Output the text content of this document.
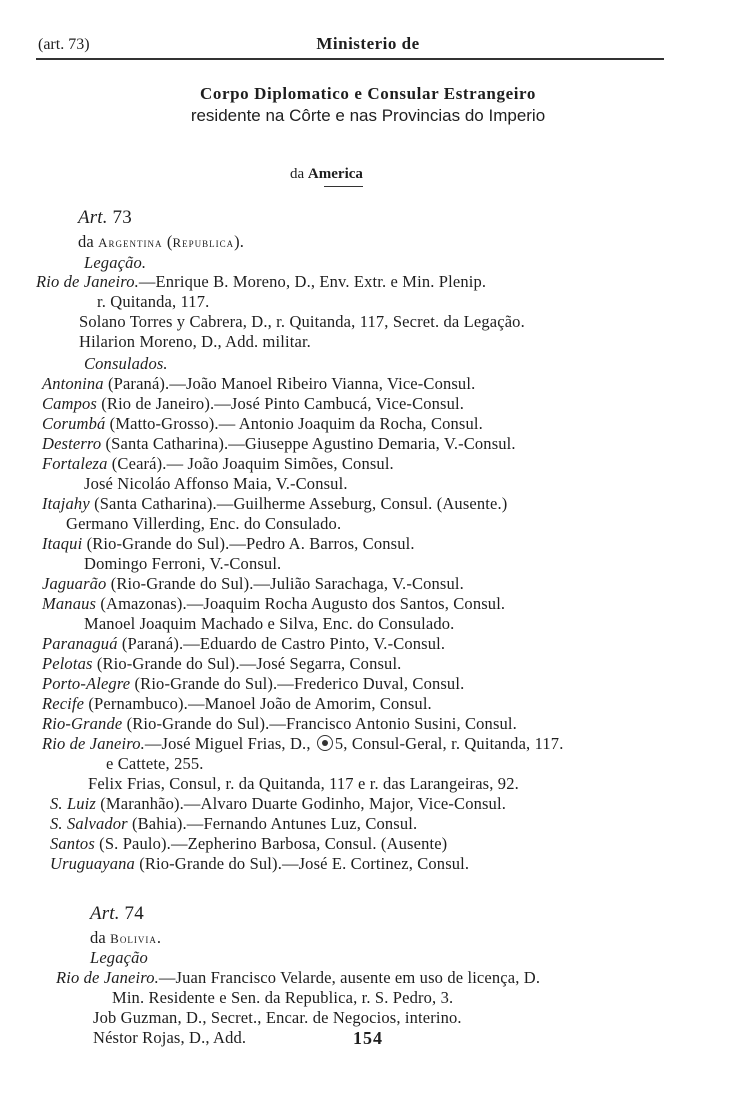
(art. 73)	Ministerio de
Corpo Diplomatico e Consular Estrangeiro
residente na Côrte e nas Provincias do Imperio
da America
Art. 73
da Argentina (Republica).
Legação.
Rio de Janeiro.—Enrique B. Moreno, D., Env. Extr. e Min. Plenip.
r. Quitanda, 117.
Solano Torres y Cabrera, D., r. Quitanda, 117, Secret. da Legação.
Hilarion Moreno, D., Add. militar.
Consulados.
Antonina (Paraná).—João Manoel Ribeiro Vianna, Vice-Consul.
Campos (Rio de Janeiro).—José Pinto Cambucá, Vice-Consul.
Corumbá (Matto-Grosso).— Antonio Joaquim da Rocha, Consul.
Desterro (Santa Catharina).—Giuseppe Agustino Demaria, V.-Consul.
Fortaleza (Ceará).— João Joaquim Simões, Consul.
José Nicoláo Affonso Maia, V.-Consul.
Itajahy (Santa Catharina).—Guilherme Asseburg, Consul. (Ausente.)
Germano Villerding, Enc. do Consulado.
Itaqui (Rio-Grande do Sul).—Pedro A. Barros, Consul.
Domingo Ferroni, V.-Consul.
Jaguarão (Rio-Grande do Sul).—Julião Sarachaga, V.-Consul.
Manaus (Amazonas).—Joaquim Rocha Augusto dos Santos, Consul.
Manoel Joaquim Machado e Silva, Enc. do Consulado.
Paranaguá (Paraná).—Eduardo de Castro Pinto, V.-Consul.
Pelotas (Rio-Grande do Sul).—José Segarra, Consul.
Porto-Alegre (Rio-Grande do Sul).—Frederico Duval, Consul.
Recife (Pernambuco).—Manoel João de Amorim, Consul.
Rio-Grande (Rio-Grande do Sul).—Francisco Antonio Susini, Consul.
Rio de Janeiro.—José Miguel Frias, D., 5, Consul-Geral, r. Quitanda, 117.
e Cattete, 255.
Felix Frias, Consul, r. da Quitanda, 117 e r. das Larangeiras, 92.
S. Luiz (Maranhão).—Alvaro Duarte Godinho, Major, Vice-Consul.
S. Salvador (Bahia).—Fernando Antunes Luz, Consul.
Santos (S. Paulo).—Zepherino Barbosa, Consul. (Ausente)
Uruguayana (Rio-Grande do Sul).—José E. Cortinez, Consul.
Art. 74
da Bolivia.
Legação
Rio de Janeiro.—Juan Francisco Velarde, ausente em uso de licença, D.
Min. Residente e Sen. da Republica, r. S. Pedro, 3.
Job Guzman, D., Secret., Encar. de Negocios, interino.
Néstor Rojas, D., Add.	154
